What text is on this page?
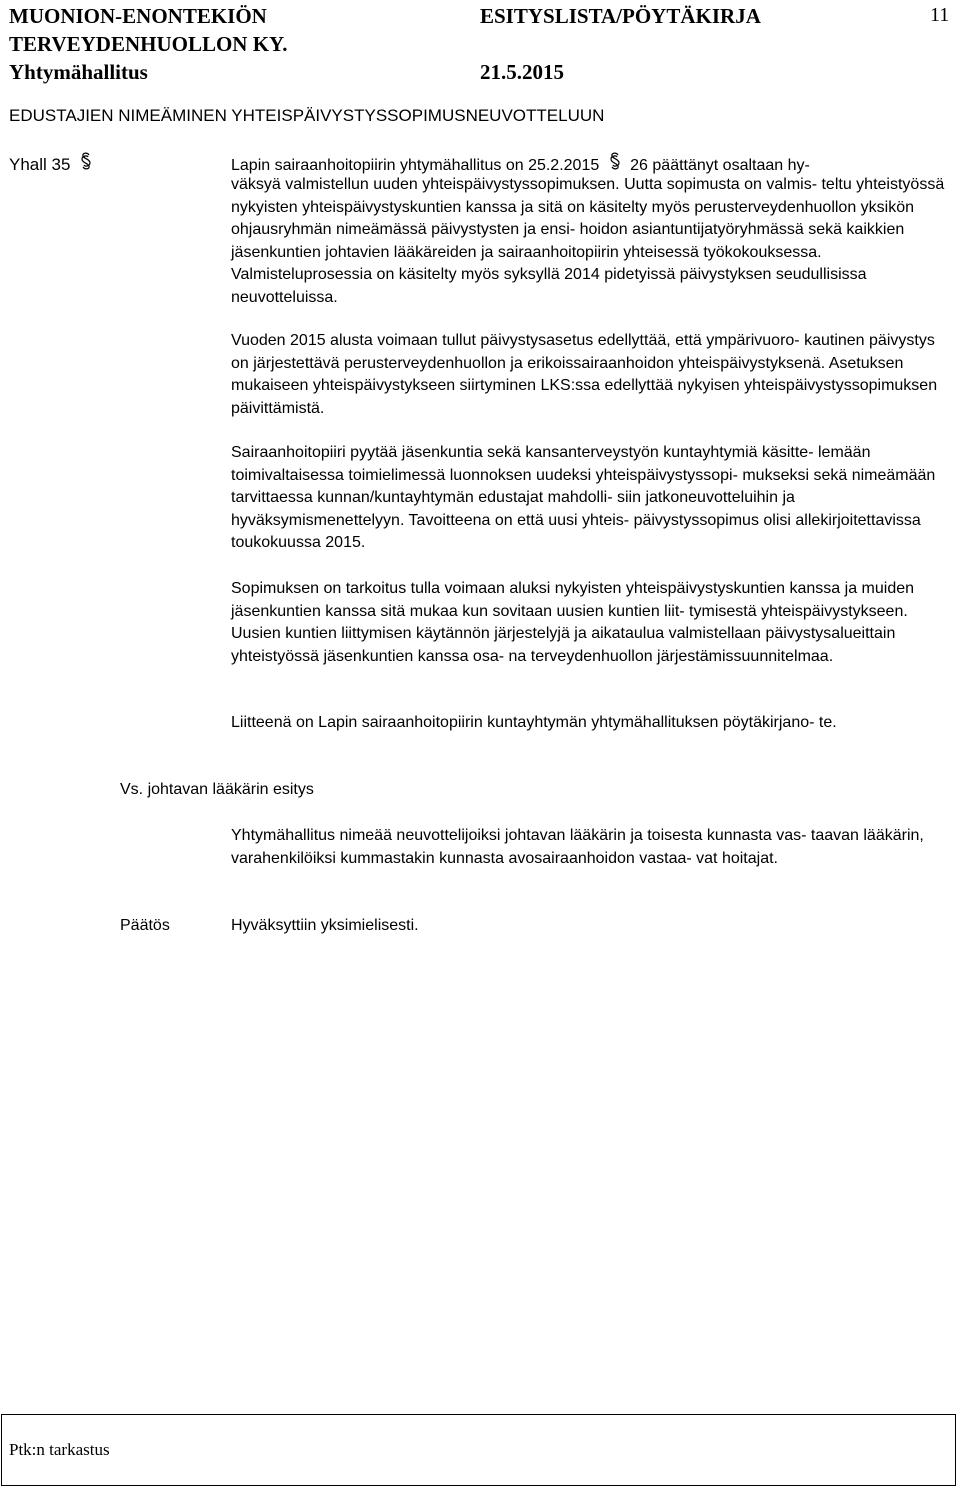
MUONION-ENONTEKIÖN
TERVEYDENHUOLLON KY.
Yhtymähallitus
ESITYSLISTA/PÖYTÄKIRJA
21.5.2015
11
EDUSTAJIEN NIMEÄMINEN YHTEISPÄIVYSTYSSOPIMUSNEUVOTTELUUN
Yhall 35	Lapin sairaanhoitopiirin yhtymähallitus on 25.2.2015 26 päättänyt osaltaan hy-
väksyä valmistellun uuden yhteispäivystyssopimuksen. Uutta sopimusta on valmis- teltu yhteistyössä nykyisten yhteispäivystyskuntien kanssa ja sitä on käsitelty myös perusterveydenhuollon yksikön ohjausryhmän nimeämässä päivystysten ja ensi- hoidon asiantuntijatyöryhmässä sekä kaikkien jäsenkuntien johtavien lääkäreiden ja sairaanhoitopiirin yhteisessä työkokouksessa. Valmisteluprosessia on käsitelty myös syksyllä 2014 pidetyissä päivystyksen seudullisissa neuvotteluissa.
Vuoden 2015 alusta voimaan tullut päivystysasetus edellyttää, että ympärivuoro- kautinen päivystys on järjestettävä perusterveydenhuollon ja erikoissairaanhoidon yhteispäivystyksenä. Asetuksen mukaiseen yhteispäivystykseen siirtyminen LKS:ssa edellyttää nykyisen yhteispäivystyssopimuksen päivittämistä.
Sairaanhoitopiiri pyytää jäsenkuntia sekä kansanterveystyön kuntayhtymiä käsitte- lemään toimivaltaisessa toimielimessä luonnoksen uudeksi yhteispäivystyssopi- mukseksi sekä nimeämään tarvittaessa kunnan/kuntayhtymän edustajat mahdolli- siin jatkoneuvotteluihin ja hyväksymismenettelyyn. Tavoitteena on että uusi yhteis- päivystyssopimus olisi allekirjoitettavissa toukokuussa 2015.
Sopimuksen on tarkoitus tulla voimaan aluksi nykyisten yhteispäivystyskuntien kanssa ja muiden jäsenkuntien kanssa sitä mukaa kun sovitaan uusien kuntien liit- tymisestä yhteispäivystykseen. Uusien kuntien liittymisen käytännön järjestelyjä ja aikataulua valmistellaan päivystysalueittain yhteistyössä jäsenkuntien kanssa osa- na terveydenhuollon järjestämissuunnitelmaa.
Liitteenä on Lapin sairaanhoitopiirin kuntayhtymän yhtymähallituksen pöytäkirjano- te.
Vs. johtavan lääkärin esitys
Yhtymähallitus nimeää neuvottelijoiksi johtavan lääkärin ja toisesta kunnasta vas- taavan lääkärin, varahenkilöiksi kummastakin kunnasta avosairaanhoidon vastaa- vat hoitajat.
Päätös	Hyväksyttiin yksimielisesti.
Ptk:n tarkastus
